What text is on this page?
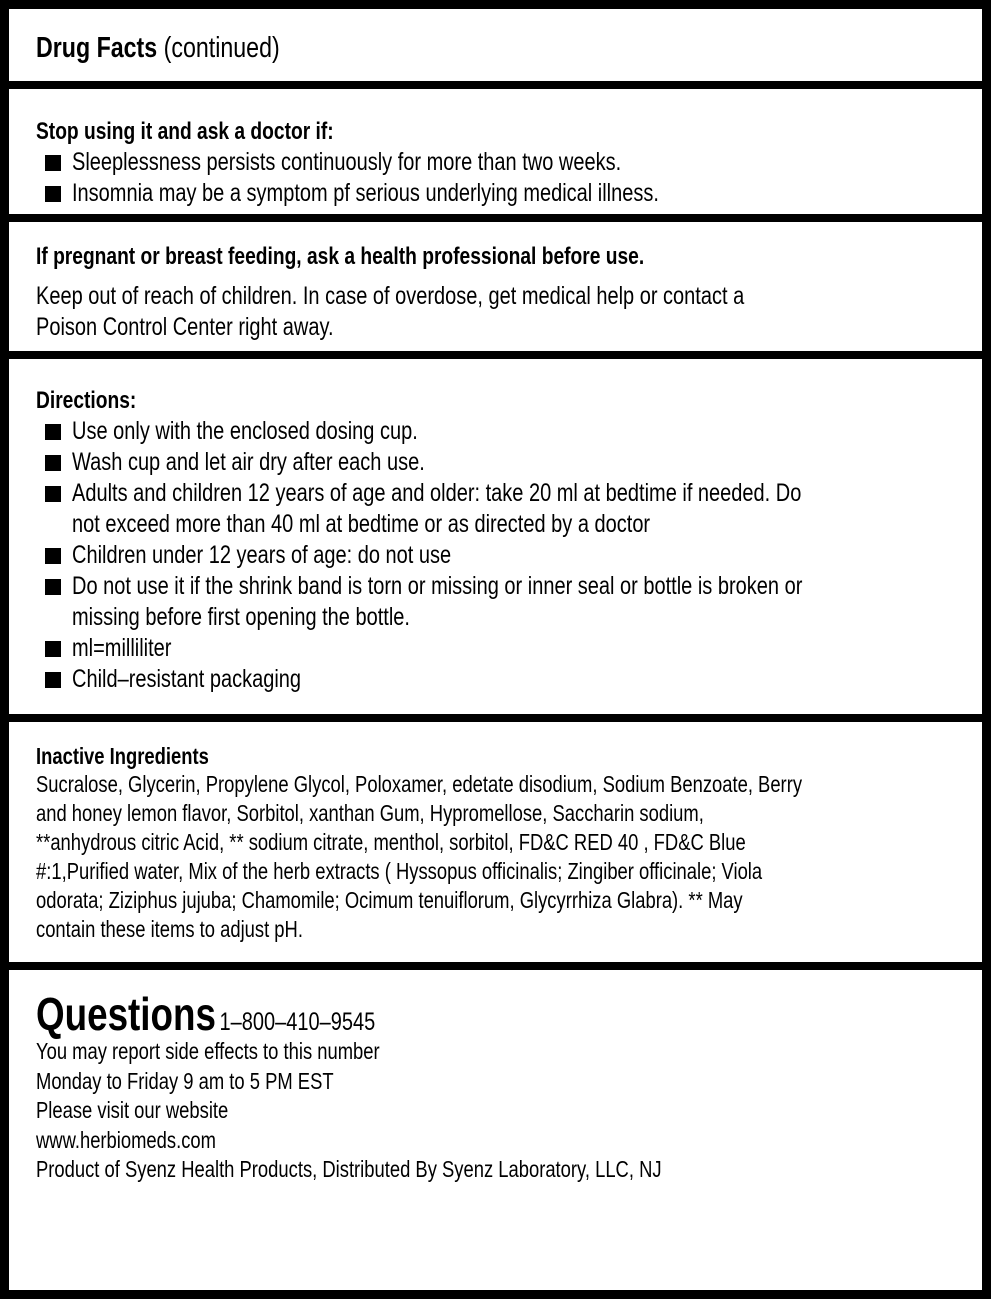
Drug Facts (continued)
Stop using it and ask a doctor if:
Sleeplessness persists continuously for more than two weeks.
Insomnia may be a symptom pf serious underlying medical illness.
If pregnant or breast feeding, ask a health professional before use.
Keep out of reach of children. In case of overdose, get medical help or contact a
Poison Control Center right away.
Directions:
Use only with the enclosed dosing cup.
Wash cup and let air dry after each use.
Adults and children 12 years of age and older: take 20 ml at bedtime if needed. Do
not exceed more than 40 ml at bedtime or as directed by a doctor
Children under 12 years of age: do not use
Do not use it if the shrink band is torn or missing or inner seal or bottle is broken or
missing before first opening the bottle.
ml=milliliter
Child–resistant packaging
Inactive Ingredients
Sucralose, Glycerin, Propylene Glycol, Poloxamer, edetate disodium, Sodium Benzoate, Berry
and honey lemon flavor, Sorbitol, xanthan Gum, Hypromellose, Saccharin sodium,
**anhydrous citric Acid, ** sodium citrate, menthol, sorbitol, FD&C RED 40 , FD&C Blue
#:1,Purified water, Mix of the herb extracts ( Hyssopus officinalis; Zingiber officinale; Viola
odorata; Ziziphus jujuba; Chamomile; Ocimum tenuiflorum, Glycyrrhiza Glabra). ** May
contain these items to adjust pH.
Questions 1–800–410–9545
You may report side effects to this number
Monday to Friday 9 am to 5 PM EST
Please visit our website
www.herbiomeds.com
Product of Syenz Health Products, Distributed By Syenz Laboratory, LLC, NJ
